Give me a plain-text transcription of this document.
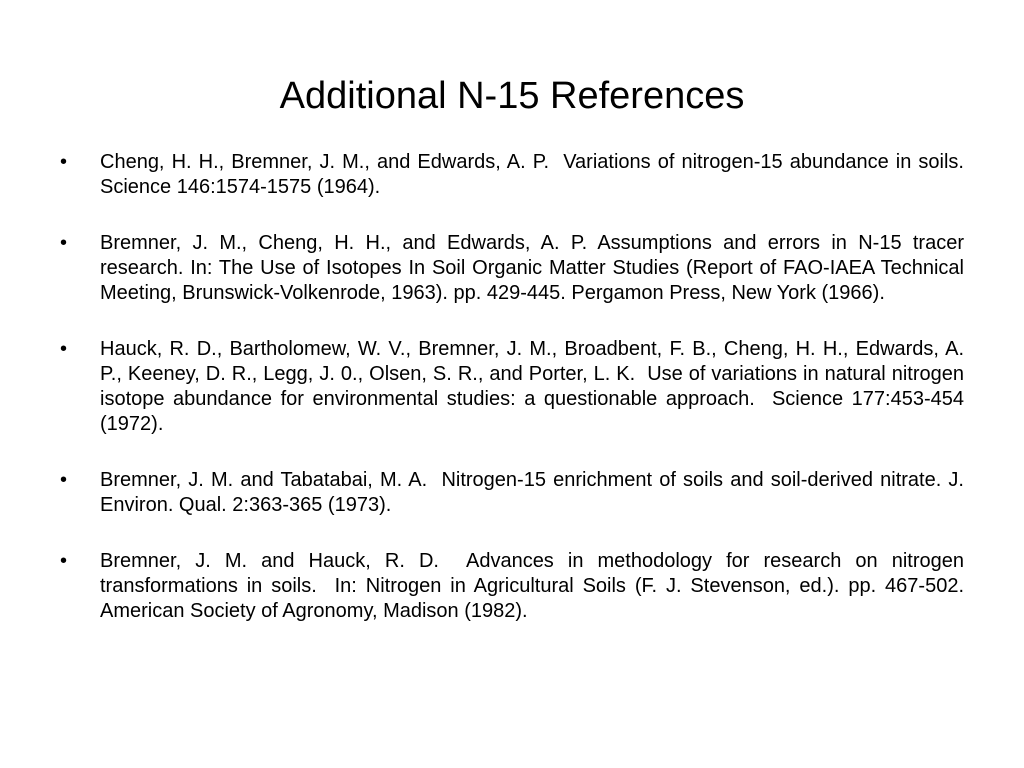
Additional N-15 References
•	Cheng, H. H., Bremner, J. M., and Edwards, A. P.  Variations of nitrogen-15 abundance in soils. Science 146:1574-1575 (1964).
•	Bremner, J. M., Cheng, H. H., and Edwards, A. P. Assumptions and errors in N-15 tracer research. In: The Use of Isotopes In Soil Organic Matter Studies (Report of FAO-IAEA Technical Meeting, Brunswick-Volkenrode, 1963). pp. 429-445. Pergamon Press, New York (1966).
•	Hauck, R. D., Bartholomew, W. V., Bremner, J. M., Broadbent, F. B., Cheng, H. H., Edwards, A. P., Keeney, D. R., Legg, J. 0., Olsen, S. R., and Porter, L. K.  Use of variations in natural nitrogen isotope abundance for environmental studies: a questionable approach.  Science 177:453-454 (1972).
•	Bremner, J. M. and Tabatabai, M. A.  Nitrogen-15 enrichment of soils and soil-derived nitrate. J. Environ. Qual. 2:363-365 (1973).
•	Bremner, J. M. and Hauck, R. D.  Advances in methodology for research on nitrogen transformations in soils.  In: Nitrogen in Agricultural Soils (F. J. Stevenson, ed.). pp. 467-502. American Society of Agronomy, Madison (1982).
